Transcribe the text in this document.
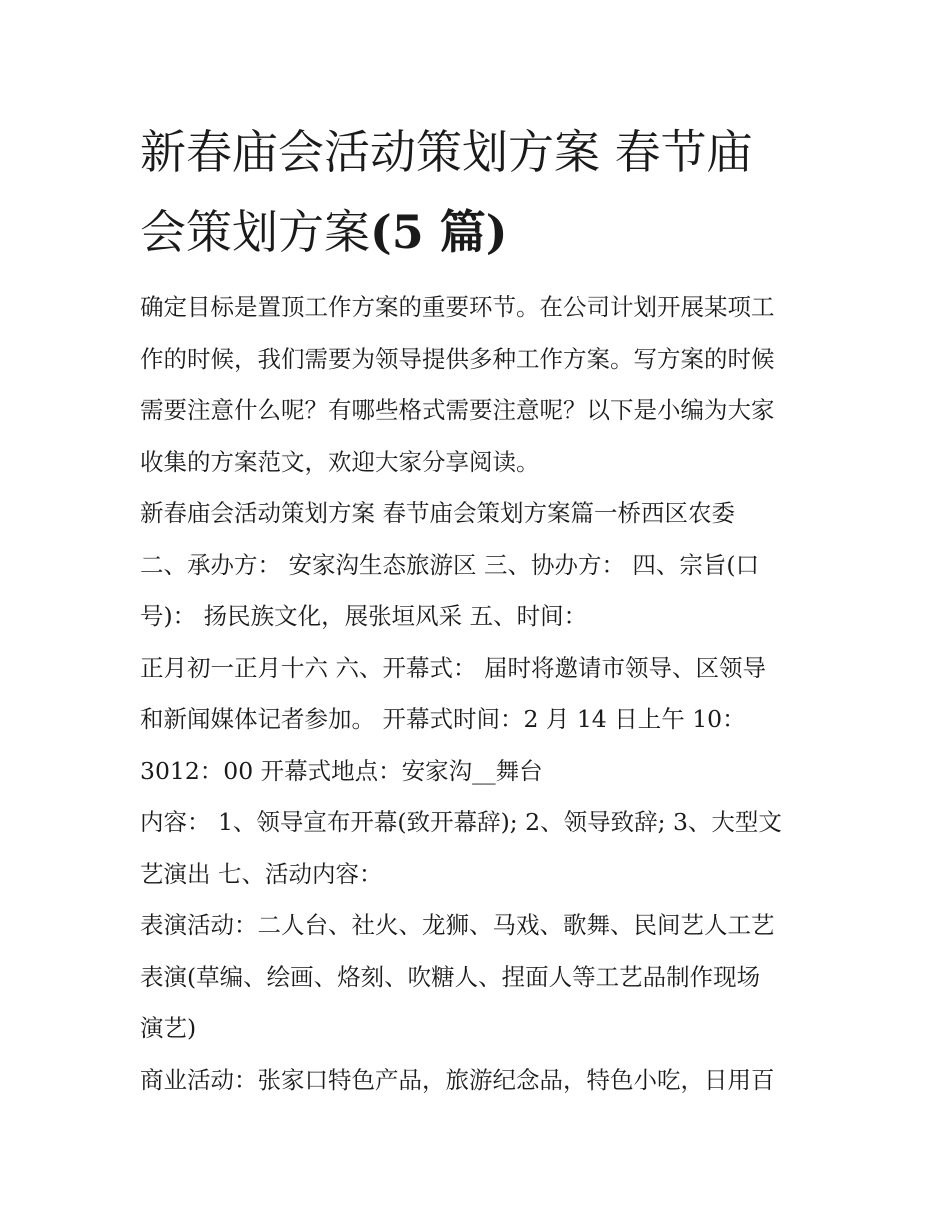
新春庙会活动策划方案 春节庙
会策划方案(5 篇)

确定目标是置顶工作方案的重要环节。在公司计划开展某项工
作的时候，我们需要为领导提供多种工作方案。写方案的时候
需要注意什么呢？有哪些格式需要注意呢？以下是小编为大家
收集的方案范文，欢迎大家分享阅读。

新春庙会活动策划方案 春节庙会策划方案篇一桥西区农委

二、承办方： 安家沟生态旅游区 三、协办方： 四、宗旨(口
号)： 扬民族文化，展张垣风采 五、时间：

正月初一正月十六 六、开幕式： 届时将邀请市领导、区领导
和新闻媒体记者参加。 开幕式时间：2 月 14 日上午 10：

3012：00 开幕式地点：安家沟__舞台

内容： 1、领导宣布开幕(致开幕辞); 2、领导致辞; 3、大型文
艺演出 七、活动内容：

表演活动：二人台、社火、龙狮、马戏、歌舞、民间艺人工艺
表演(草编、绘画、烙刻、吹糖人、捏面人等工艺品制作现场
演艺)

商业活动：张家口特色产品，旅游纪念品，特色小吃，日用百
